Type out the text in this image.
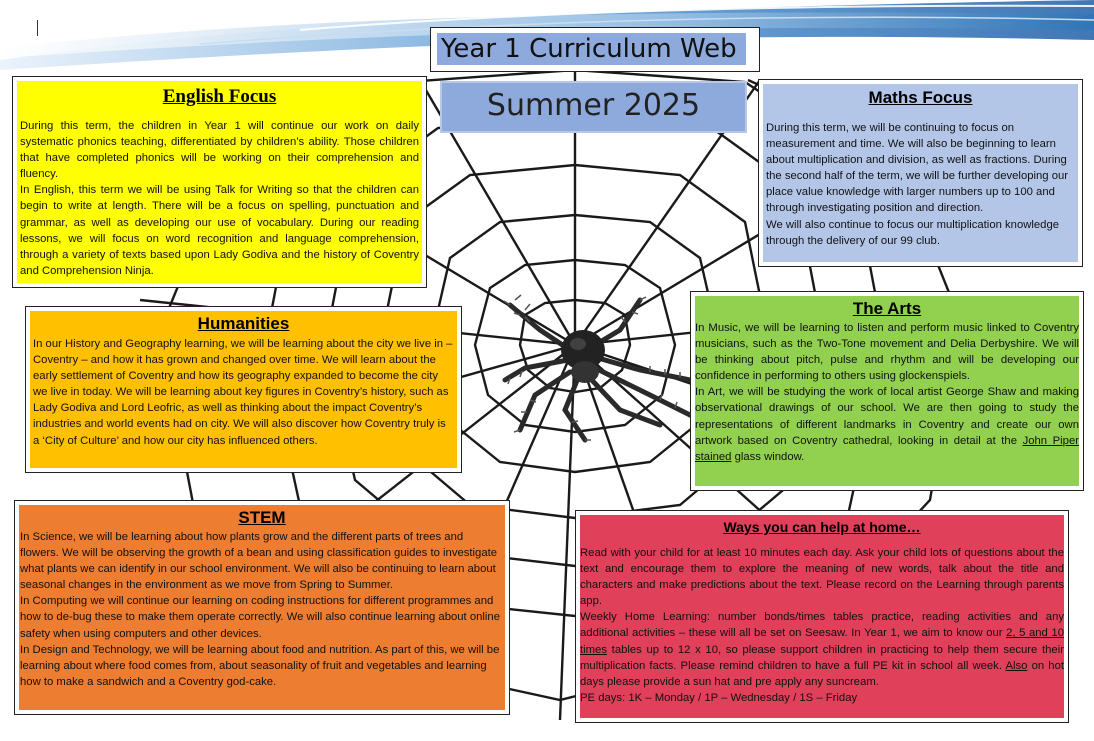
Year 1 Curriculum Web
Summer 2025
English Focus

During this term, the children in Year 1 will continue our work on daily systematic phonics teaching, differentiated by children’s ability. Those children that have completed phonics will be working on their comprehension and fluency.

In English, this term we will be using Talk for Writing so that the children can begin to write at length. There will be a focus on spelling, punctuation and grammar, as well as developing our use of vocabulary. During our reading lessons, we will focus on word recognition and language comprehension, through a variety of texts based upon Lady Godiva and the history of Coventry and Comprehension Ninja.

Maths Focus

During this term, we will be continuing to focus on measurement and time. We will also be beginning to learn about multiplication and division, as well as fractions. During the second half of the term, we will be further developing our place value knowledge with larger numbers up to 100 and through investigating position and direction.

We will also continue to focus our multiplication knowledge through the delivery of our 99 club.

Humanities

In our History and Geography learning, we will be learning about the city we live in – Coventry – and how it has grown and changed over time. We will learn about the early settlement of Coventry and how its geography expanded to become the city we live in today. We will be learning about key figures in Coventry’s history, such as Lady Godiva and Lord Leofric, as well as thinking about the impact Coventry’s industries and world events had on city. We will also discover how Coventry truly is a ‘City of Culture’ and how our city has influenced others.

The Arts

In Music, we will be learning to listen and perform music linked to Coventry musicians, such as the Two-Tone movement and Delia Derbyshire. We will be thinking about pitch, pulse and rhythm and will be developing our confidence in performing to others using glockenspiels.

In Art, we will be studying the work of local artist George Shaw and making observational drawings of our school. We are then going to study the representations of different landmarks in Coventry and create our own artwork based on Coventry cathedral, looking in detail at the John Piper stained glass window.

STEM

In Science, we will be learning about how plants grow and the different parts of trees and flowers. We will be observing the growth of a bean and using classification guides to investigate what plants we can identify in our school environment. We will also be continuing to learn about seasonal changes in the environment as we move from Spring to Summer.

In Computing we will continue our learning on coding instructions for different programmes and how to de-bug these to make them operate correctly. We will also continue learning about online safety when using computers and other devices.

In Design and Technology, we will be learning about food and nutrition. As part of this, we will be learning about where food comes from, about seasonality of fruit and vegetables and learning how to make a sandwich and a Coventry god-cake.

Ways you can help at home…

Read with your child for at least 10 minutes each day. Ask your child lots of questions about the text and encourage them to explore the meaning of new words, talk about the title and characters and make predictions about the text. Please record on the Learning through parents app.

Weekly Home Learning: number bonds/times tables practice, reading activities and any additional activities – these will all be set on Seesaw. In Year 1, we aim to know our 2, 5 and 10 times tables up to 12 x 10, so please support children in practicing to help them secure their multiplication facts. Please remind children to have a full PE kit in school all week. Also on hot days please provide a sun hat and pre apply any suncream.

PE days: 1K – Monday / 1P – Wednesday / 1S – Friday
